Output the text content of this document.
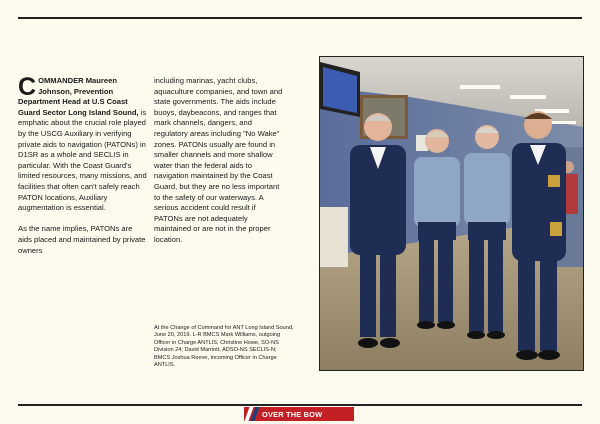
COMMANDER Maureen Johnson, Prevention Department Head at U.S Coast Guard Sector Long Island Sound, is emphatic about the crucial role played by the USCG Auxiliary in verifying private aids to navigation (PATONs) in D1SR as a whole and SECLIS in particular. With the Coast Guard's limited resources, many missions, and facilities that often can't safely reach PATON locations, Auxiliary augmentation is essential.

As the name implies, PATONs are aids placed and maintained by private owners

including marinas, yacht clubs, aquaculture companies, and town and state governments. The aids include buoys, daybeacons, and ranges that mark channels, dangers, and regulatory areas including "No Wake" zones. PATONs usually are found in smaller channels and more shallow water than the federal aids to navigation maintained by the Coast Guard, but they are no less important to the safety of our waterways. A serious accident could result if PATONs are not adequately maintained or are not in the proper location.

At the Change of Command for ANT Long Island Sound, June 20, 2019. L-R BMCS Mark Williams, outgoing Officer in Charge ANTLIS; Christine Howe, SO-NS Division 24; David Marriott, ADSO-NS SECLIS-N; BMCS Joshua Reeve, incoming Officer in Charge ANTLIS.
OVER THE BOW
